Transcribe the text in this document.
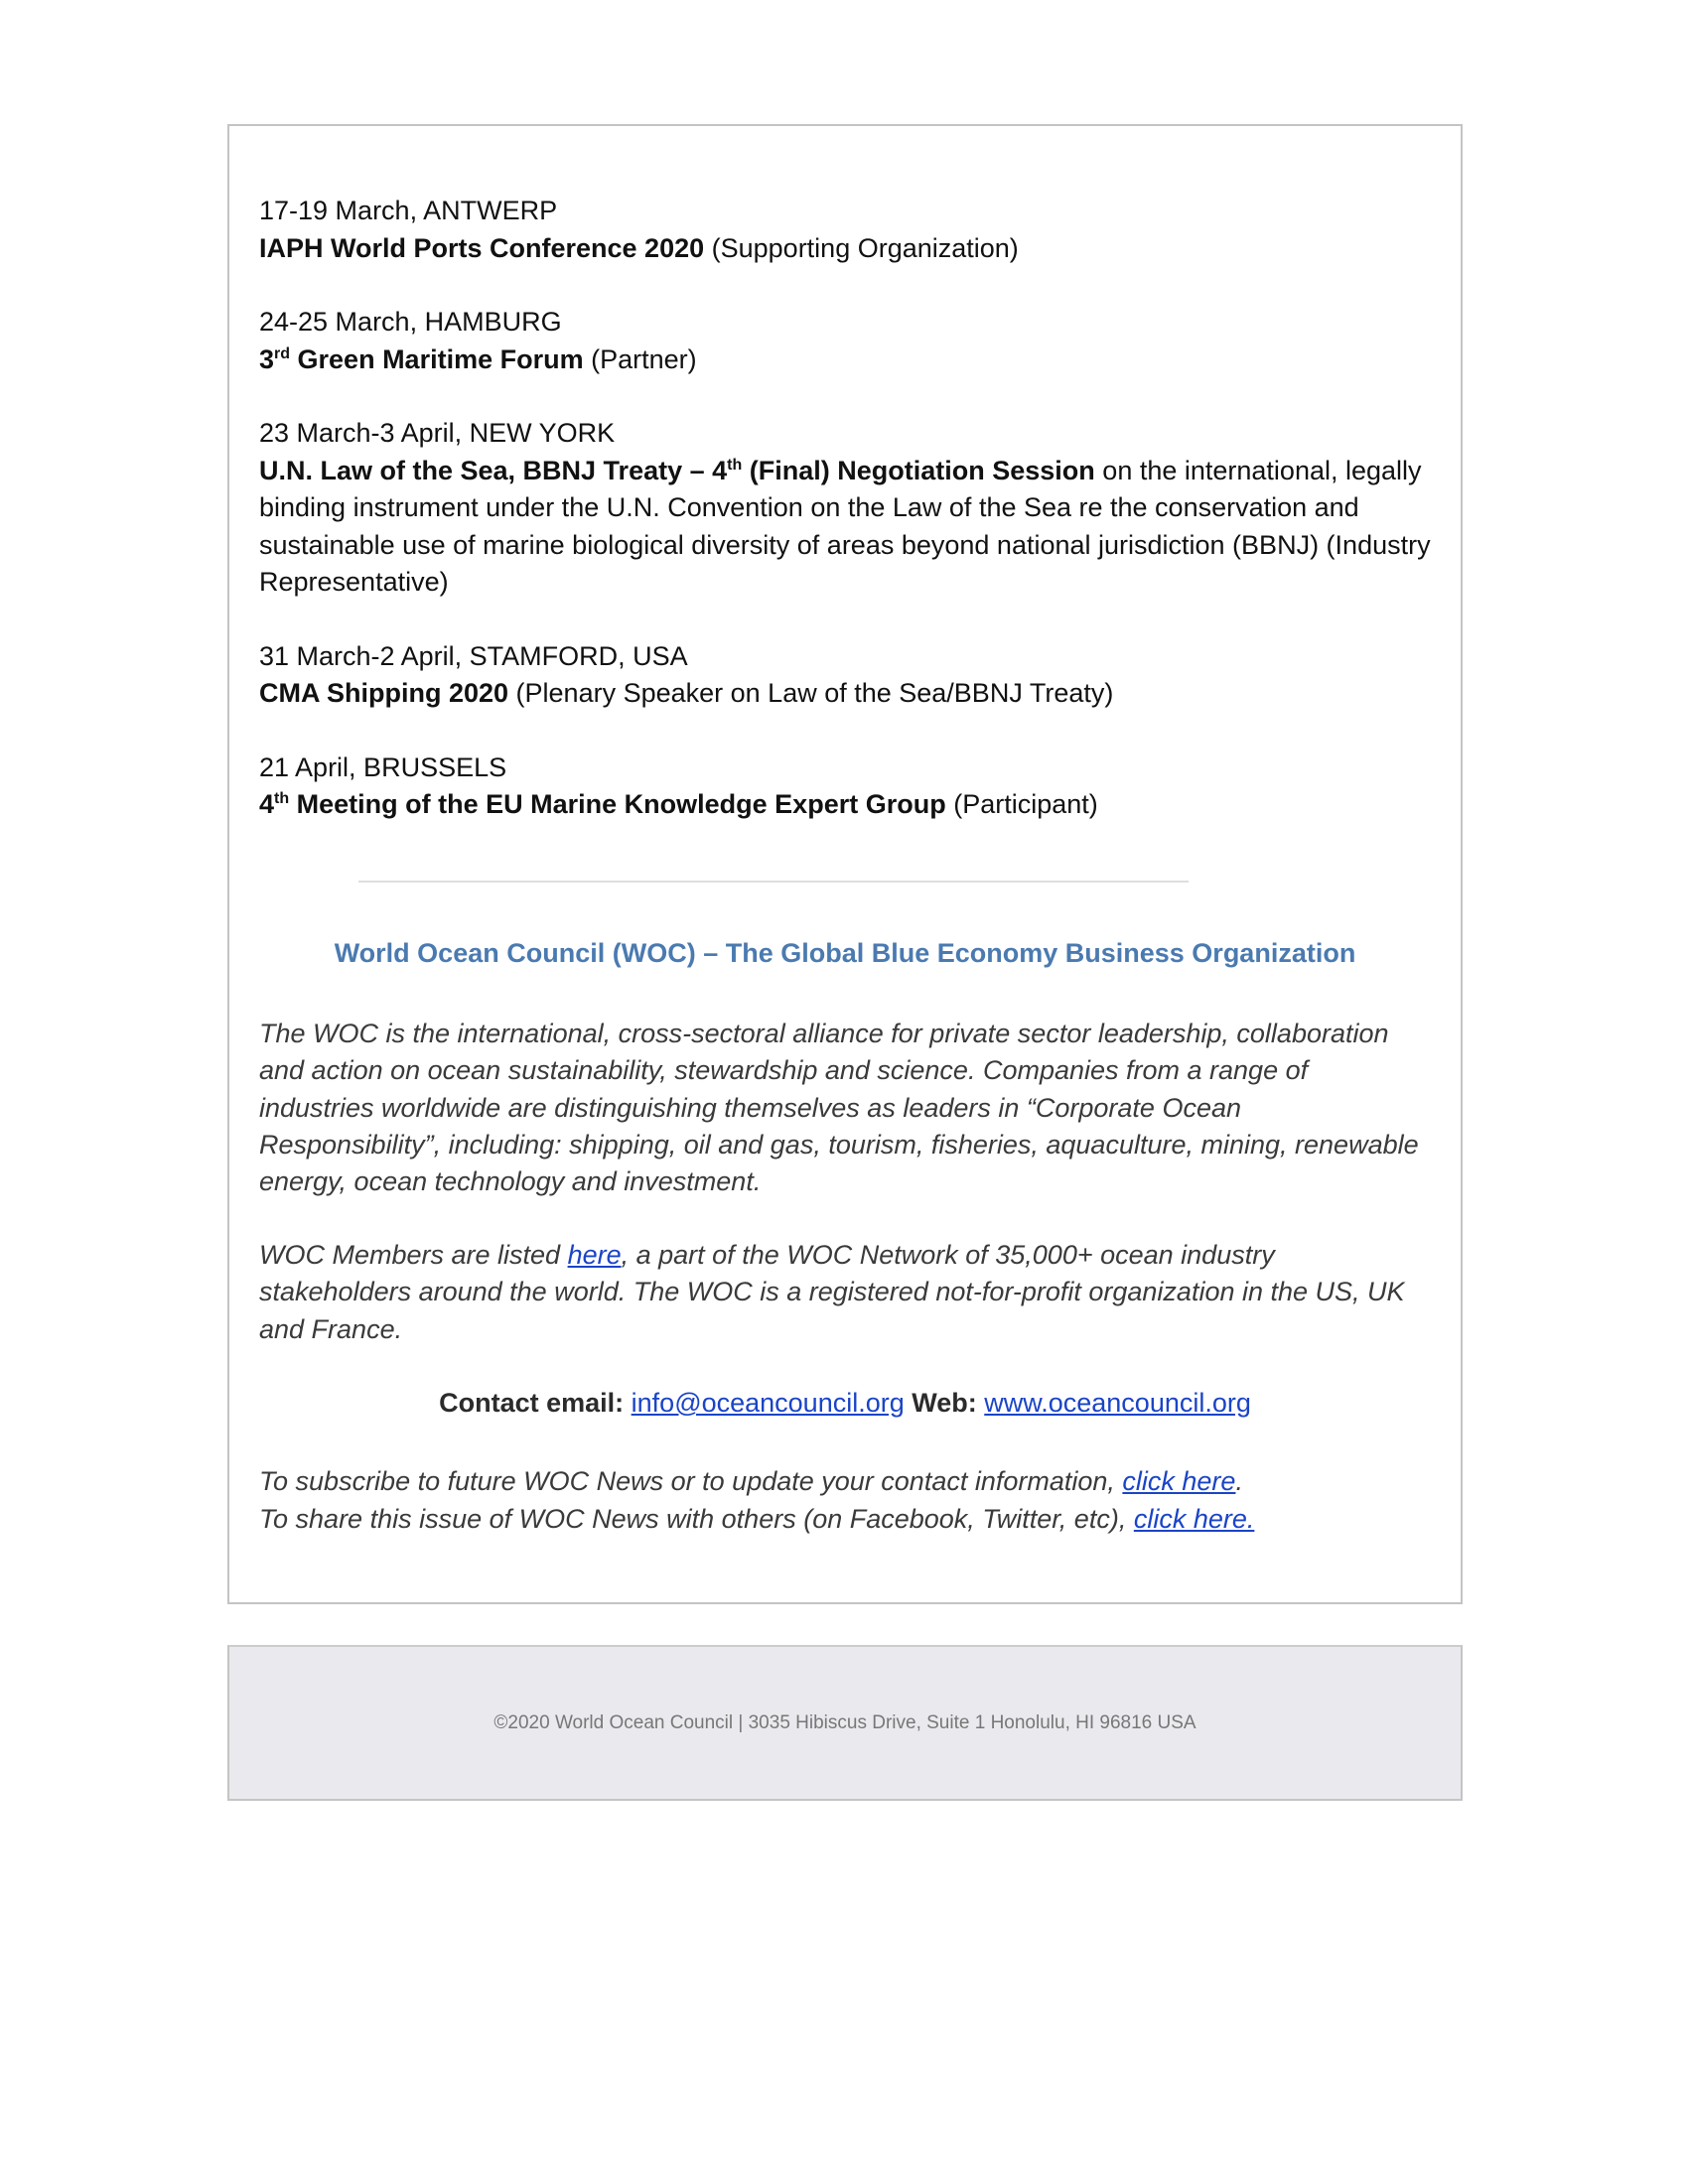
17-19 March, ANTWERP

IAPH World Ports Conference 2020 (Supporting Organization)

24-25 March, HAMBURG

3rd Green Maritime Forum (Partner)

23 March-3 April, NEW YORK

U.N. Law of the Sea, BBNJ Treaty – 4th (Final) Negotiation Session on the international, legally binding instrument under the U.N. Convention on the Law of the Sea re the conservation and sustainable use of marine biological diversity of areas beyond national jurisdiction (BBNJ) (Industry Representative)

31 March-2 April, STAMFORD, USA

CMA Shipping 2020 (Plenary Speaker on Law of the Sea/BBNJ Treaty)

21 April, BRUSSELS

4th Meeting of the EU Marine Knowledge Expert Group (Participant)

World Ocean Council (WOC) – The Global Blue Economy Business Organization

The WOC is the international, cross-sectoral alliance for private sector leadership, collaboration and action on ocean sustainability, stewardship and science. Companies from a range of industries worldwide are distinguishing themselves as leaders in “Corporate Ocean Responsibility”, including: shipping, oil and gas, tourism, fisheries, aquaculture, mining, renewable energy, ocean technology and investment.

WOC Members are listed here, a part of the WOC Network of 35,000+ ocean industry stakeholders around the world. The WOC is a registered not-for-profit organization in the US, UK and France.

Contact email: info@oceancouncil.org Web: www.oceancouncil.org

To subscribe to future WOC News or to update your contact information, click here.

To share this issue of WOC News with others (on Facebook, Twitter, etc), click here.

©2020 World Ocean Council | 3035 Hibiscus Drive, Suite 1 Honolulu, HI 96816 USA
